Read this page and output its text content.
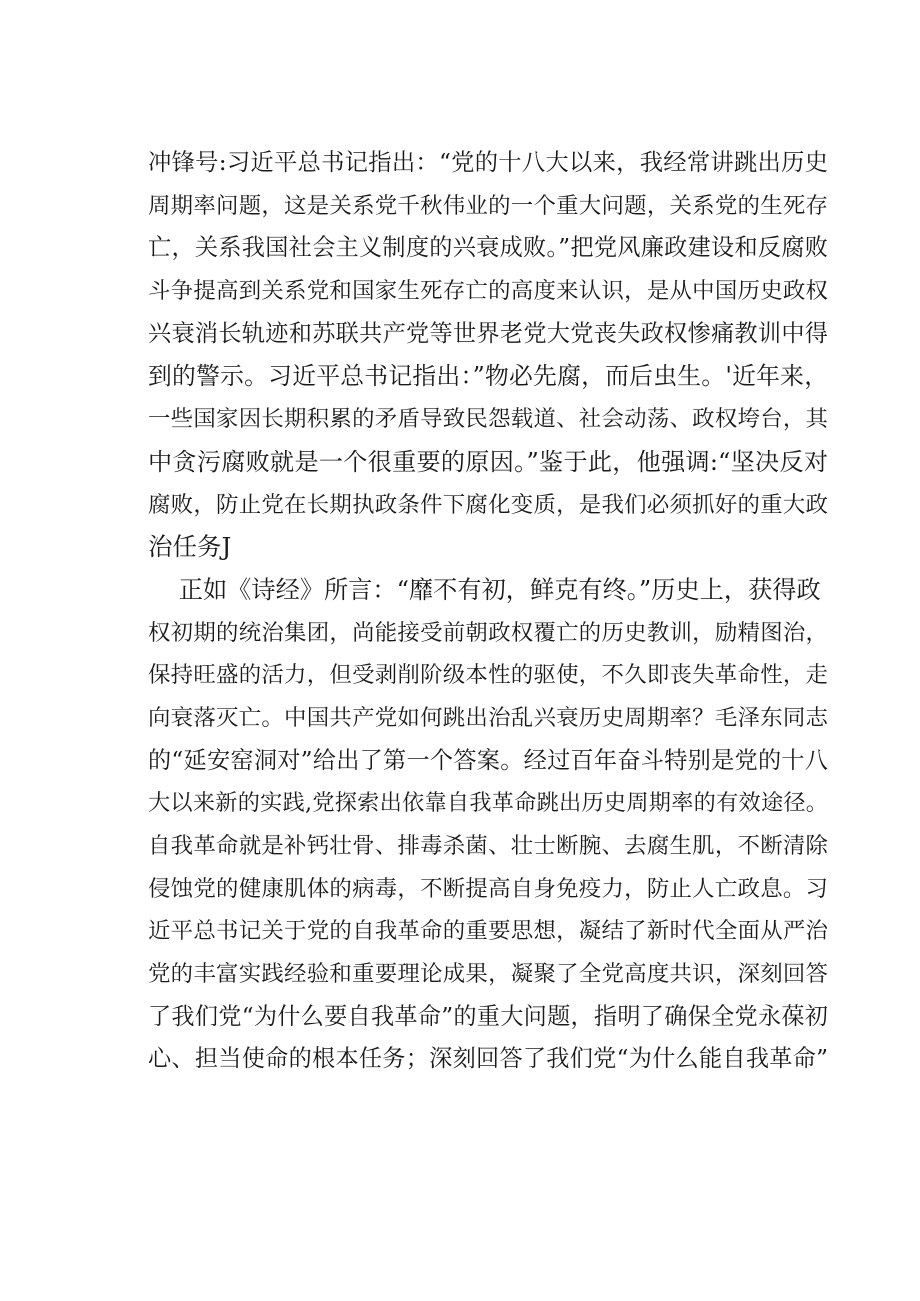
冲锋号:习近平总书记指出：“党的十八大以来，我经常讲跳出历史
周期率问题，这是关系党千秋伟业的一个重大问题，关系党的生死存
亡，关系我国社会主义制度的兴衰成败。”把党风廉政建设和反腐败
斗争提高到关系党和国家生死存亡的高度来认识，是从中国历史政权
兴衰消长轨迹和苏联共产党等世界老党大党丧失政权惨痛教训中得
到的警示。习近平总书记指出：”物必先腐，而后虫生。'近年来，
一些国家因长期积累的矛盾导致民怨载道、社会动荡、政权垮台，其
中贪污腐败就是一个很重要的原因。”鉴于此，他强调:“坚决反对
腐败，防止党在长期执政条件下腐化变质，是我们必须抓好的重大政
治任务J
正如《诗经》所言：“靡不有初，鲜克有终。”历史上，获得政
权初期的统治集团，尚能接受前朝政权覆亡的历史教训，励精图治，
保持旺盛的活力，但受剥削阶级本性的驱使，不久即丧失革命性，走
向衰落灭亡。中国共产党如何跳出治乱兴衰历史周期率？毛泽东同志
的“延安窑洞对”给出了第一个答案。经过百年奋斗特别是党的十八
大以来新的实践,党探索出依靠自我革命跳出历史周期率的有效途径。
自我革命就是补钙壮骨、排毒杀菌、壮士断腕、去腐生肌，不断清除
侵蚀党的健康肌体的病毒，不断提高自身免疫力，防止人亡政息。习
近平总书记关于党的自我革命的重要思想，凝结了新时代全面从严治
党的丰富实践经验和重要理论成果，凝聚了全党高度共识，深刻回答
了我们党“为什么要自我革命”的重大问题，指明了确保全党永葆初
心、担当使命的根本任务；深刻回答了我们党“为什么能自我革命”
